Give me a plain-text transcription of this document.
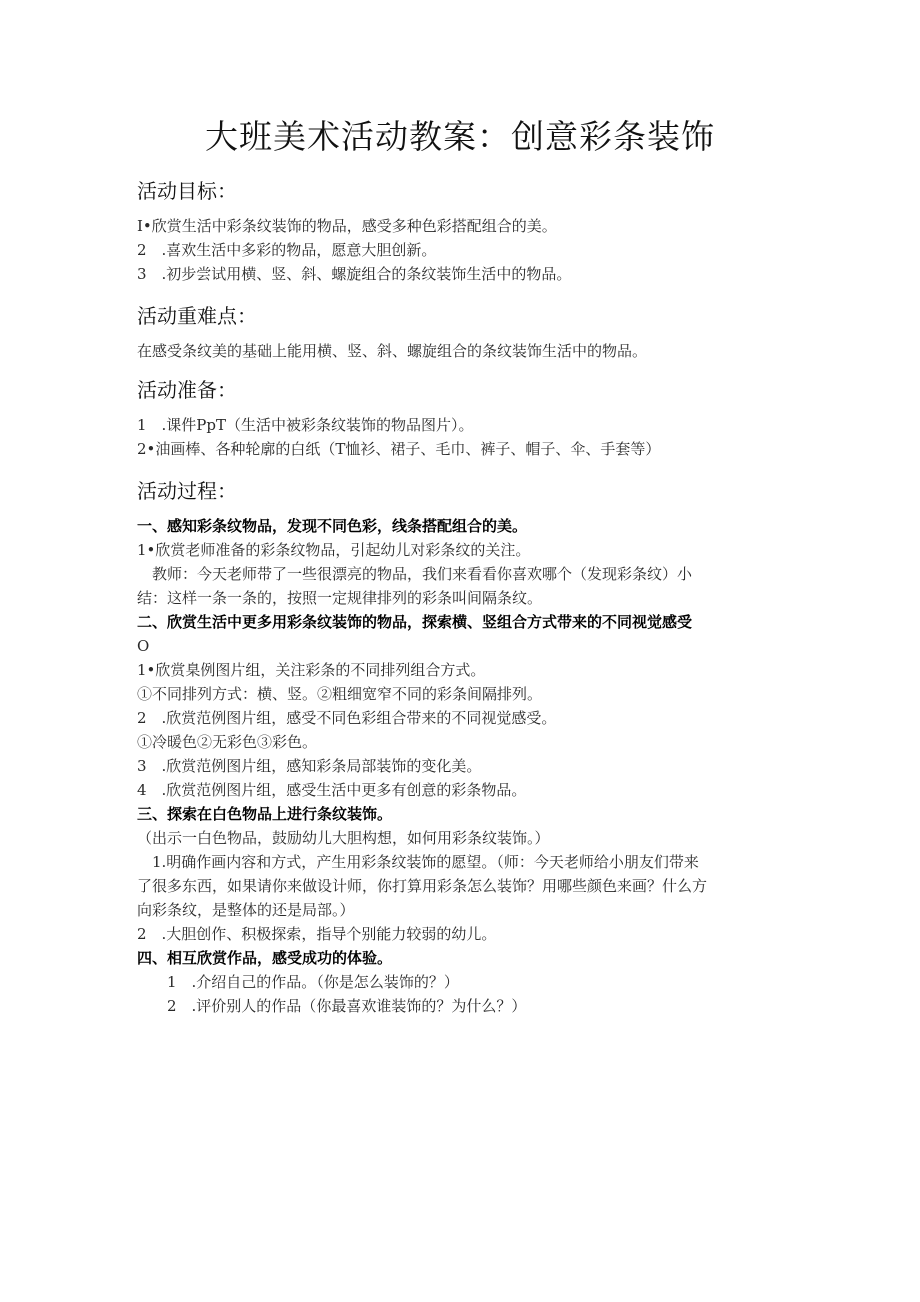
大班美术活动教案：创意彩条装饰
活动目标：
I•欣赏生活中彩条纹装饰的物品，感受多种色彩搭配组合的美。
2　.喜欢生活中多彩的物品，愿意大胆创新。
3　.初步尝试用横、竖、斜、螺旋组合的条纹装饰生活中的物品。
活动重难点：
在感受条纹美的基础上能用横、竖、斜、螺旋组合的条纹装饰生活中的物品。
活动准备：
1　.课件PpT（生活中被彩条纹装饰的物品图片）。
2•油画棒、各种轮廓的白纸（T恤衫、裙子、毛巾、裤子、帽子、伞、手套等）
活动过程：
一、感知彩条纹物品，发现不同色彩，线条搭配组合的美。
1•欣赏老师准备的彩条纹物品，引起幼儿对彩条纹的关注。
　教师：今天老师带了一些很漂亮的物品，我们来看看你喜欢哪个（发现彩条纹）小
结：这样一条一条的，按照一定规律排列的彩条叫间隔条纹。
二、欣赏生活中更多用彩条纹装饰的物品，探索横、竖组合方式带来的不同视觉感受
O
1•欣赏臬例图片组，关注彩条的不同排列组合方式。
①不同排列方式：横、竖。②粗细宽窄不同的彩条间隔排列。
2　.欣赏范例图片组，感受不同色彩组合带来的不同视觉感受。
①冷暖色②无彩色③彩色。
3　.欣赏范例图片组，感知彩条局部装饰的变化美。
4　.欣赏范例图片组，感受生活中更多有创意的彩条物品。
三、探索在白色物品上进行条纹装饰。
（出示一白色物品，鼓励幼儿大胆构想，如何用彩条纹装饰。）
 1.明确作画内容和方式，产生用彩条纹装饰的愿望。（师：今天老师给小朋友们带来
了很多东西，如果请你来做设计师，你打算用彩条怎么装饰？用哪些颜色来画？什么方
向彩条纹，是整体的还是局部。）
2　.大胆创作、积极探索，指导个别能力较弱的幼儿。
四、相互欣赏作品，感受成功的体验。
　 1　.介绍自己的作品。（你是怎么装饰的？）
　 2　.评价别人的作品（你最喜欢谁装饰的？为什么？）
